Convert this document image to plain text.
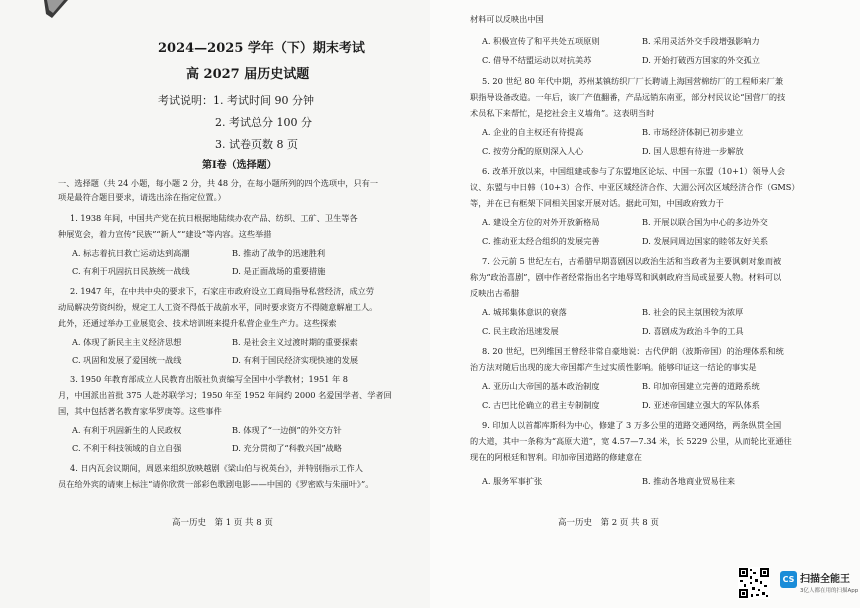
2024—2025 学年（下）期末考试
高 2027 届历史试题
考试说明：1. 考试时间 90 分钟
2. 考试总分 100 分
3. 试卷页数 8 页
第Ⅰ卷（选择题）
一、选择题（共 24 小题，每小题 2 分，共 48 分，在每小题所列的四个选项中，只有一
项是最符合题目要求，请选出涂在指定位置。）
1. 1938 年间，中国共产党在抗日根据地陆续办农产品、纺织、工矿、卫生等各
种展览会，着力宣传“民族”“新人”“建设”等内容。这些举措
A. 标志着抗日救亡运动达到高潮	B. 推动了战争的迅速胜利
C. 有利于巩固抗日民族统一战线	D. 是正面战场的重要措施
2. 1947 年，在中共中央的要求下，石家庄市政府设立工商局指导私营经济，成立劳
动局解决劳资纠纷，规定工人工资不得低于战前水平，同时要求资方不得随意解雇工人。
此外，还通过举办工业展览会、技术培训班来提升私营企业生产力。这些探索
A. 体现了新民主主义经济思想	B. 是社会主义过渡时期的重要探索
C. 巩固和发展了爱国统一战线	D. 有利于国民经济实现快速的发展
3. 1950 年教育部成立人民教育出版社负责编写全国中小学教材；1951 年 8
月，中国派出首批 375 人赴苏联学习；1950 年至 1952 年间约 2000 名爱国学者、学者回
国，其中包括著名教育家华罗庚等。这些事件
A. 有利于巩固新生的人民政权	B. 体现了“一边倒”的外交方针
C. 不利于科技领域的自立自强	D. 充分贯彻了“科教兴国”战略
4. 日内瓦会议期间，周恩来组织放映越剧《梁山伯与祝英台》，并特别指示工作人
员在给外宾的请柬上标注“请你欣赏一部彩色歌剧电影——中国的《罗密欧与朱丽叶》”。
高一历史　第 1 页 共 8 页
材料可以反映出中国
A. 积极宣传了和平共处五项原则	B. 采用灵活外交手段增强影响力
C. 借导不结盟运动以对抗美苏	D. 开始打破西方国家的外交孤立
5. 20 世纪 80 年代中期，苏州某镇纺织厂厂长聘请上海国营棉纺厂的工程师来厂兼
职指导设备改造。一年后，该厂产值翻番，产品远销东南亚，部分村民议论“国营厂的技
术员私下来帮忙，是挖社会主义墙角”。这表明当时
A. 企业的自主权还有待提高	B. 市场经济体制已初步建立
C. 按劳分配的原则深入人心	D. 国人思想有待进一步解放
6. 改革开放以来，中国组建或参与了东盟地区论坛、中国一东盟（10+1）领导人会
议、东盟与中日韩（10+3）合作、中亚区域经济合作、大湄公河次区域经济合作（GMS）
等，并在已有框架下同相关国家开展对话。据此可知，中国政府致力于
A. 建设全方位的对外开放新格局	B. 开展以联合国为中心的多边外交
C. 推动亚太经合组织的发展完善	D. 发展同周边国家的睦邻友好关系
7. 公元前 5 世纪左右，古希腊早期喜剧因以政治生活和当政者为主要讽刺对象而被
称为“政治喜剧”，剧中作者经常指出名字地辱骂和讽刺政府当局或显要人物。材料可以
反映出古希腊
A. 城邦集体意识的衰落	B. 社会的民主氛围较为浓厚
C. 民主政治迅速发展	D. 喜剧成为政治斗争的工具
8. 20 世纪，巴列维国王曾经非常自豪地说：古代伊朗（波斯帝国）的治理体系和统
治方法对随后出现的庞大帝国都产生过实质性影响。能够印证这一结论的事实是
A. 亚历山大帝国的基本政治制度	B. 印加帝国建立完善的道路系统
C. 古巴比伦确立的君主专制制度	D. 亚述帝国建立强大的军队体系
9. 印加人以首都库斯科为中心，修建了 3 万多公里的道路交通网络，两条纵贯全国
的大道，其中一条称为“高原大道”，宽 4.57—7.34 米，长 5229 公里，从而轮比亚通往
现在的阿根廷和智利。印加帝国道路的修建意在
A. 服务军事扩张	B. 推动各地商业贸易往来
高一历史　第 2 页 共 8 页
CS 扫描全能王
3亿人都在用的扫描App
